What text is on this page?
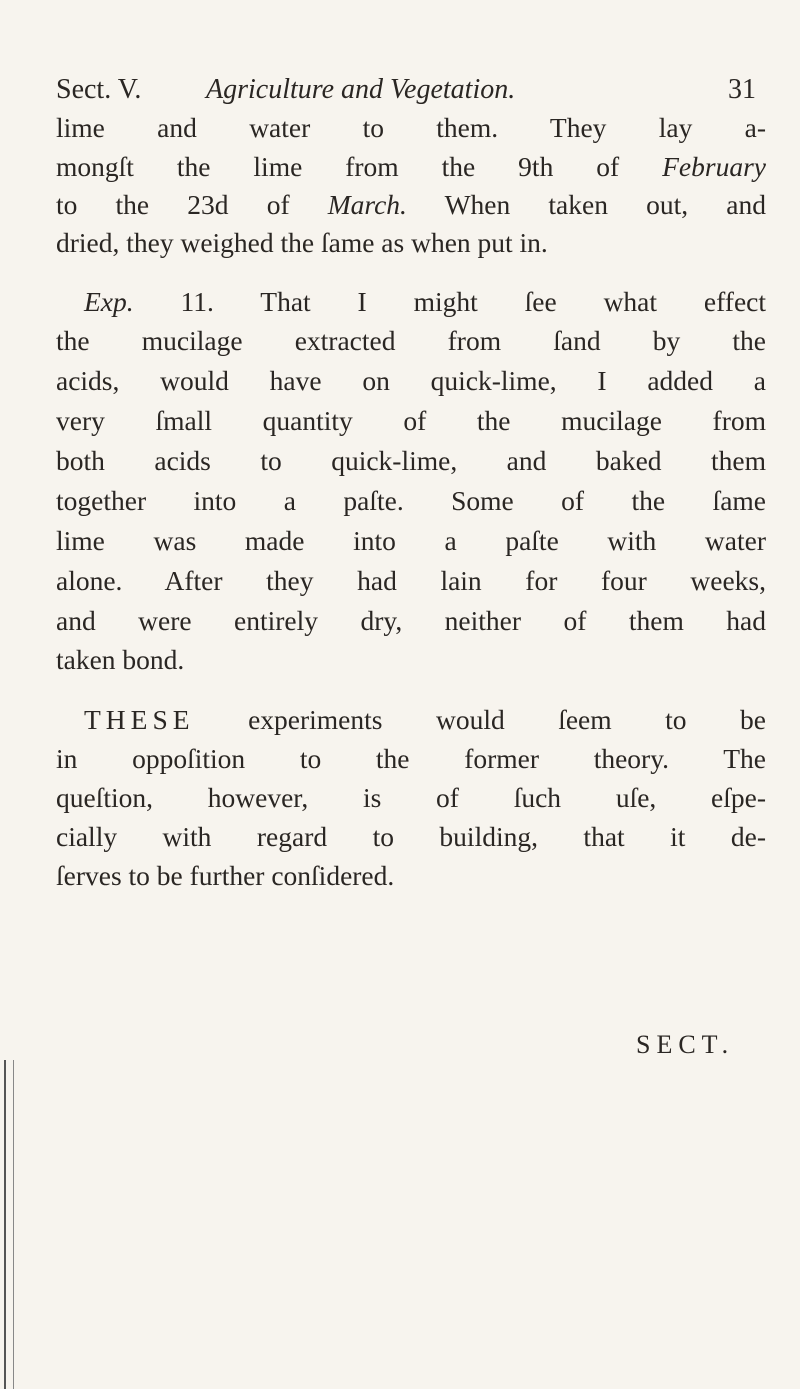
Sect. V. Agriculture and Vegetation.	31
lime and water to them. They lay a-
mongſt the lime from the 9th of February
to the 23d of March. When taken out, and
dried, they weighed the ſame as when put in.
Exp. 11. That I might ſee what effect
the mucilage extracted from ſand by the
acids, would have on quick-lime, I added a
very ſmall quantity of the mucilage from
both acids to quick-lime, and baked them
together into a paſte. Some of the ſame
lime was made into a paſte with water
alone. After they had lain for four weeks,
and were entirely dry, neither of them had
taken bond.
THESE experiments would ſeem to be
in oppoſition to the former theory. The
queſtion, however, is of ſuch uſe, eſpe-
cially with regard to building, that it de-
ſerves to be further conſidered.
SECT.
